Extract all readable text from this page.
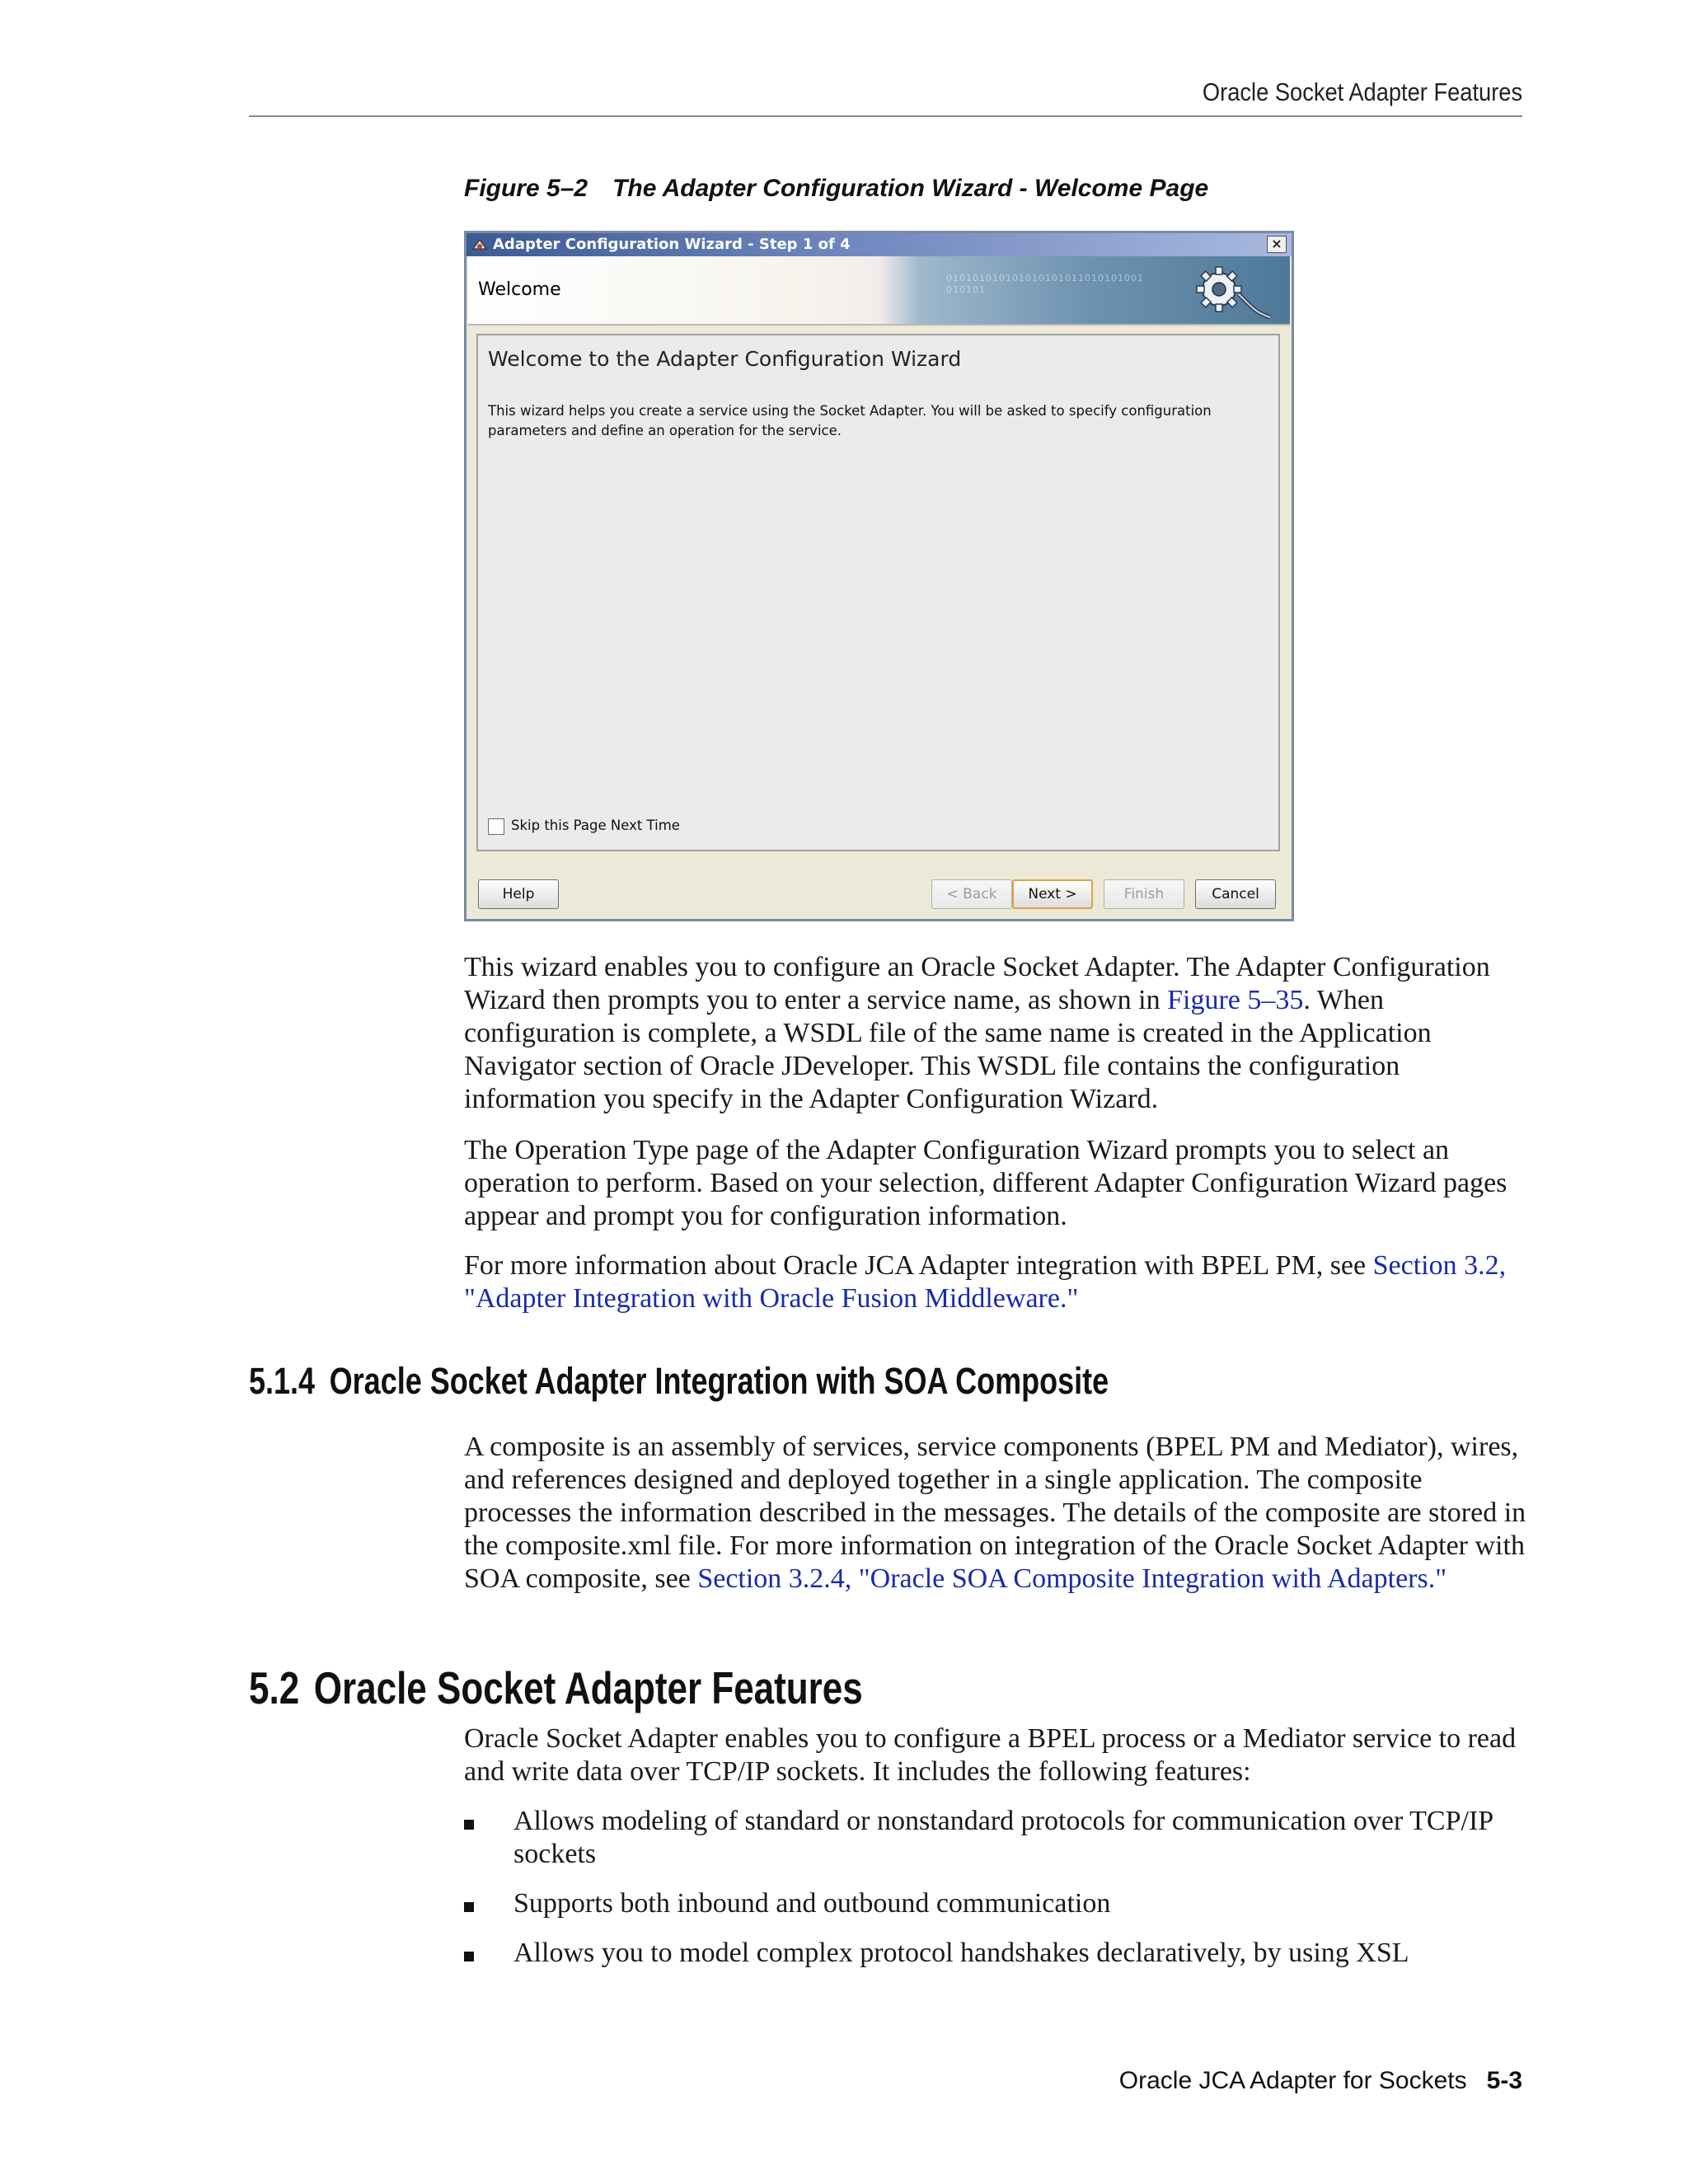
Oracle Socket Adapter Features
Figure 5–2 The Adapter Configuration Wizard - Welcome Page
Adapter Configuration Wizard - Step 1 of 4	×
Welcome
010101010101010101011010101001010101
Welcome to the Adapter Configuration Wizard
This wizard helps you create a service using the Socket Adapter. You will be asked to specify configuration parameters and define an operation for the service.
Skip this Page Next Time
Help	< Back	Next >	Finish	Cancel

This wizard enables you to configure an Oracle Socket Adapter. The Adapter Configuration Wizard then prompts you to enter a service name, as shown in Figure 5–35. When configuration is complete, a WSDL file of the same name is created in the Application Navigator section of Oracle JDeveloper. This WSDL file contains the configuration information you specify in the Adapter Configuration Wizard.

The Operation Type page of the Adapter Configuration Wizard prompts you to select an operation to perform. Based on your selection, different Adapter Configuration Wizard pages appear and prompt you for configuration information.

For more information about Oracle JCA Adapter integration with BPEL PM, see Section 3.2, "Adapter Integration with Oracle Fusion Middleware."

5.1.4 Oracle Socket Adapter Integration with SOA Composite

A composite is an assembly of services, service components (BPEL PM and Mediator), wires, and references designed and deployed together in a single application. The composite processes the information described in the messages. The details of the composite are stored in the composite.xml file. For more information on integration of the Oracle Socket Adapter with SOA composite, see Section 3.2.4, "Oracle SOA Composite Integration with Adapters."

5.2 Oracle Socket Adapter Features

Oracle Socket Adapter enables you to configure a BPEL process or a Mediator service to read and write data over TCP/IP sockets. It includes the following features:

Allows modeling of standard or nonstandard protocols for communication over TCP/IP sockets
Supports both inbound and outbound communication
Allows you to model complex protocol handshakes declaratively, by using XSL
Oracle JCA Adapter for Sockets 5-3
